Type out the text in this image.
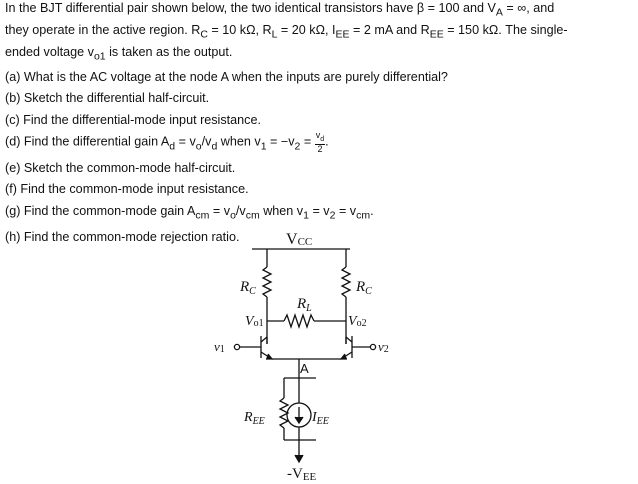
In the BJT differential pair shown below, the two identical transistors have β = 100 and $V_A$ = ∞, and
they operate in the active region. $R_C = 10$ kΩ, $R_L = 20$ kΩ, $I_{EE} = 2$ mA and $R_{EE} = 150$ kΩ. The single-
ended voltage $v_{o1}$ is taken as the output.

(a) What is the AC voltage at the node A when the inputs are purely differential?
(b) Sketch the differential half-circuit.
(c) Find the differential-mode input resistance.
(d) Find the differential gain $A_d = v_o/v_d$ when $v_1 = -v_2 = \frac{v_d}{2}$ .
(e) Sketch the common-mode half-circuit.
(f) Find the common-mode input resistance.
(g) Find the common-mode gain $A_{cm} = v_o/v_{cm}$ when $v_1 = v_2 = v_{cm}$.
(h) Find the common-mode rejection ratio.	VCC
$R_C$	$R_C$
$R_L$
Vo1	Vo2
v1	v2
A
$R_{EE}$	$I_{EE}$
-VEE
